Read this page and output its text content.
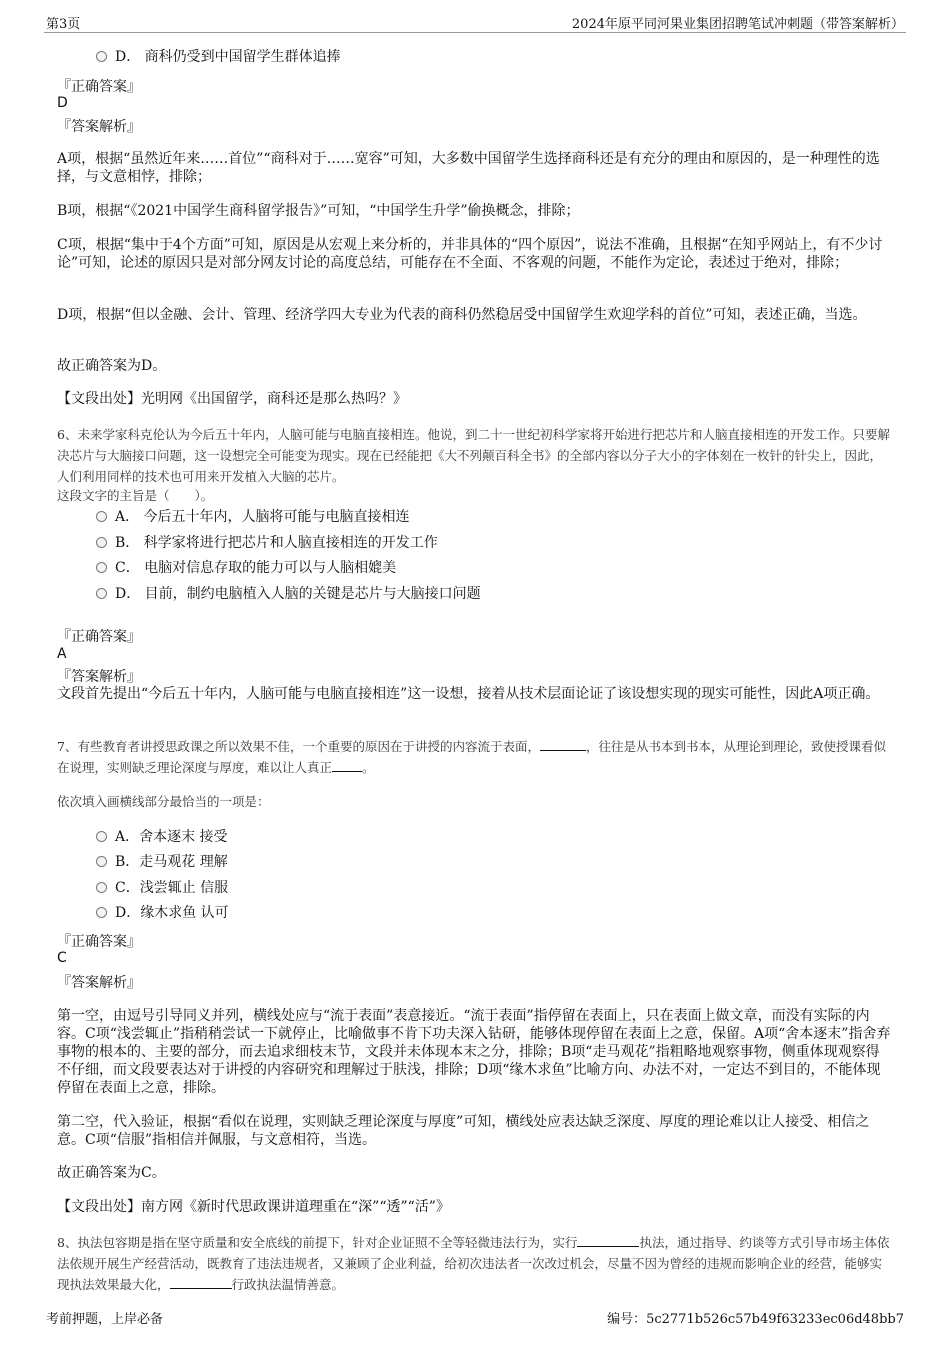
第3页	2024年原平同河果业集团招聘笔试冲刺题（带答案解析）
D． 商科仍受到中国留学生群体追捧
『正确答案』
D
『答案解析』
A项，根据“虽然近年来……首位”“商科对于……宽容”可知，大多数中国留学生选择商科还是有充分的理由和原因的，是一种理性的选择，与文意相悖，排除；
B项，根据“《2021中国学生商科留学报告》”可知，“中国学生升学”偷换概念，排除；
C项，根据“集中于4个方面”可知，原因是从宏观上来分析的，并非具体的“四个原因”，说法不准确，且根据“在知乎网站上，有不少讨论”可知，论述的原因只是对部分网友讨论的高度总结，可能存在不全面、不客观的问题，不能作为定论，表述过于绝对，排除；
D项，根据“但以金融、会计、管理、经济学四大专业为代表的商科仍然稳居受中国留学生欢迎学科的首位”可知，表述正确，当选。
故正确答案为D。
【文段出处】光明网《出国留学，商科还是那么热吗？》
6、未来学家科克伦认为今后五十年内，人脑可能与电脑直接相连。他说，到二十一世纪初科学家将开始进行把芯片和人脑直接相连的开发工作。只要解决芯片与大脑接口问题，这一设想完全可能变为现实。现在已经能把《大不列颠百科全书》的全部内容以分子大小的字体刻在一枚针的针尖上，因此，人们利用同样的技术也可用来开发植入大脑的芯片。
这段文字的主旨是（　　）。
A． 今后五十年内，人脑将可能与电脑直接相连
B． 科学家将进行把芯片和人脑直接相连的开发工作
C． 电脑对信息存取的能力可以与人脑相媲美
D． 目前，制约电脑植入人脑的关键是芯片与大脑接口问题
『正确答案』
A
『答案解析』
文段首先提出“今后五十年内，人脑可能与电脑直接相连”这一设想，接着从技术层面论证了该设想实现的现实可能性，因此A项正确。
7、有些教育者讲授思政课之所以效果不佳，一个重要的原因在于讲授的内容流于表面，	，往往是从书本到书本，从理论到理论，致使授课看似在说理，实则缺乏理论深度与厚度，难以让人真正 。
依次填入画横线部分最恰当的一项是：
A．舍本逐末 接受
B．走马观花 理解
C．浅尝辄止 信服
D．缘木求鱼 认可
『正确答案』
C
『答案解析』
第一空，由逗号引导同义并列，横线处应与“流于表面”表意接近。“流于表面”指停留在表面上，只在表面上做文章，而没有实际的内容。C项“浅尝辄止”指稍稍尝试一下就停止，比喻做事不肯下功夫深入钻研，能够体现停留在表面上之意，保留。A项“舍本逐末”指舍弃事物的根本的、主要的部分，而去追求细枝末节，文段并未体现本末之分，排除；B项“走马观花”指粗略地观察事物，侧重体现观察得不仔细，而文段要表达对于讲授的内容研究和理解过于肤浅，排除；D项“缘木求鱼”比喻方向、办法不对，一定达不到目的，不能体现停留在表面上之意，排除。
第二空，代入验证，根据“看似在说理，实则缺乏理论深度与厚度”可知，横线处应表达缺乏深度、厚度的理论难以让人接受、相信之意。C项“信服”指相信并佩服，与文意相符，当选。
故正确答案为C。
【文段出处】南方网《新时代思政课讲道理重在“深”“透”“活”》
8、执法包容期是指在坚守质量和安全底线的前提下，针对企业证照不全等轻微违法行为，实行	执法，通过指导、约谈等方式引导市场主体依法依规开展生产经营活动，既教育了违法违规者，又兼顾了企业利益，给初次违法者一次改过机会，尽量不因为曾经的违规而影响企业的经营，能够实现执法效果最大化，	行政执法温情善意。
考前押题，上岸必备	编号：5c2771b526c57b49f63233ec06d48bb7
